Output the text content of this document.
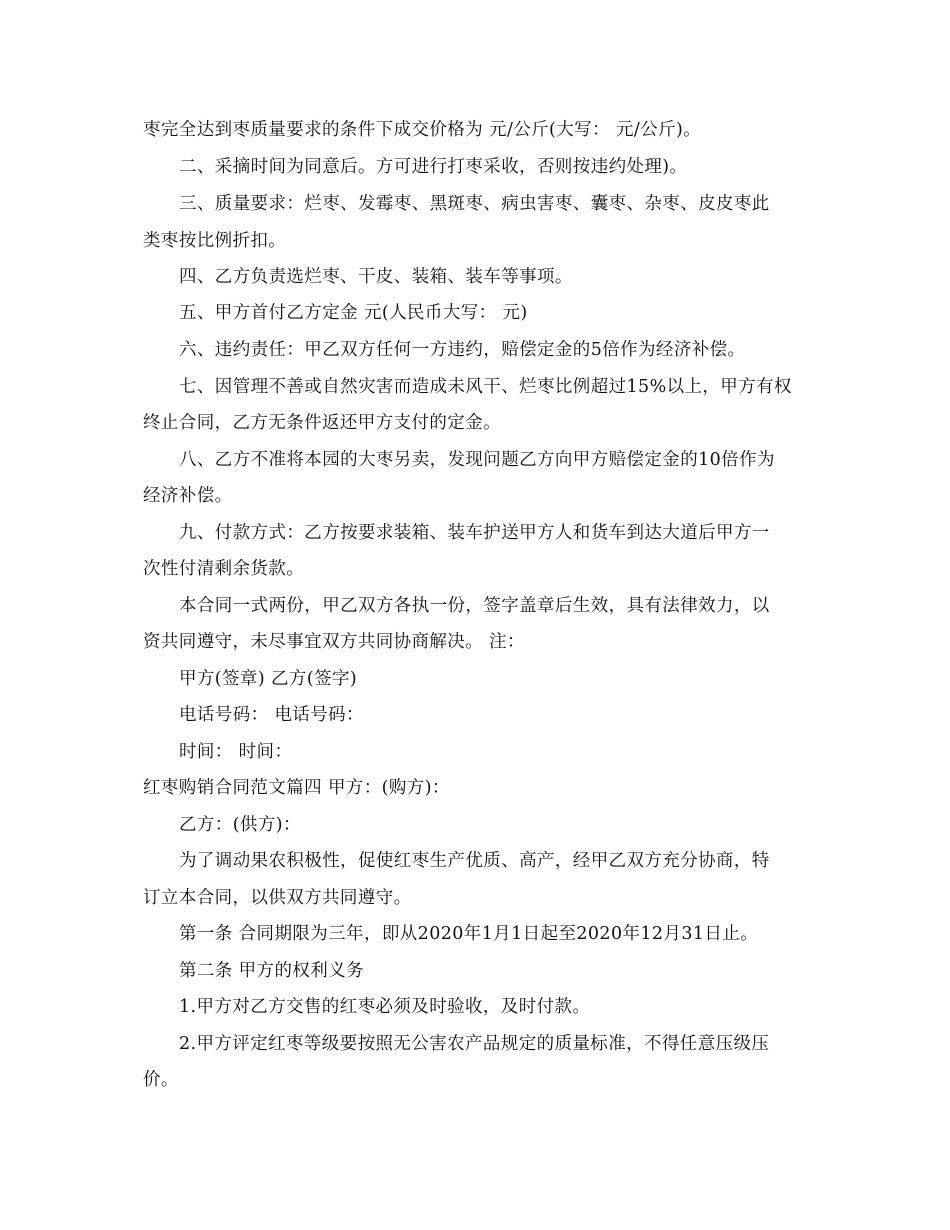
枣完全达到枣质量要求的条件下成交价格为 元/公斤(大写： 元/公斤)。
二、采摘时间为同意后。方可进行打枣采收，否则按违约处理)。
三、质量要求：烂枣、发霉枣、黑斑枣、病虫害枣、囊枣、杂枣、皮皮枣此
类枣按比例折扣。
四、乙方负责选烂枣、干皮、装箱、装车等事项。
五、甲方首付乙方定金 元(人民币大写： 元)
六、违约责任：甲乙双方任何一方违约，赔偿定金的5倍作为经济补偿。
七、因管理不善或自然灾害而造成未风干、烂枣比例超过15%以上，甲方有权
终止合同，乙方无条件返还甲方支付的定金。
八、乙方不准将本园的大枣另卖，发现问题乙方向甲方赔偿定金的10倍作为
经济补偿。
九、付款方式：乙方按要求装箱、装车护送甲方人和货车到达大道后甲方一
次性付清剩余货款。
本合同一式两份，甲乙双方各执一份，签字盖章后生效，具有法律效力，以
资共同遵守，未尽事宜双方共同协商解决。 注：
甲方(签章) 乙方(签字)
电话号码： 电话号码：
时间： 时间：
红枣购销合同范文篇四 甲方：(购方)：
乙方：(供方)：
为了调动果农积极性，促使红枣生产优质、高产，经甲乙双方充分协商，特
订立本合同，以供双方共同遵守。
第一条 合同期限为三年，即从2020年1月1日起至2020年12月31日止。
第二条 甲方的权利义务
1.甲方对乙方交售的红枣必须及时验收，及时付款。
2.甲方评定红枣等级要按照无公害农产品规定的质量标准，不得任意压级压
价。
